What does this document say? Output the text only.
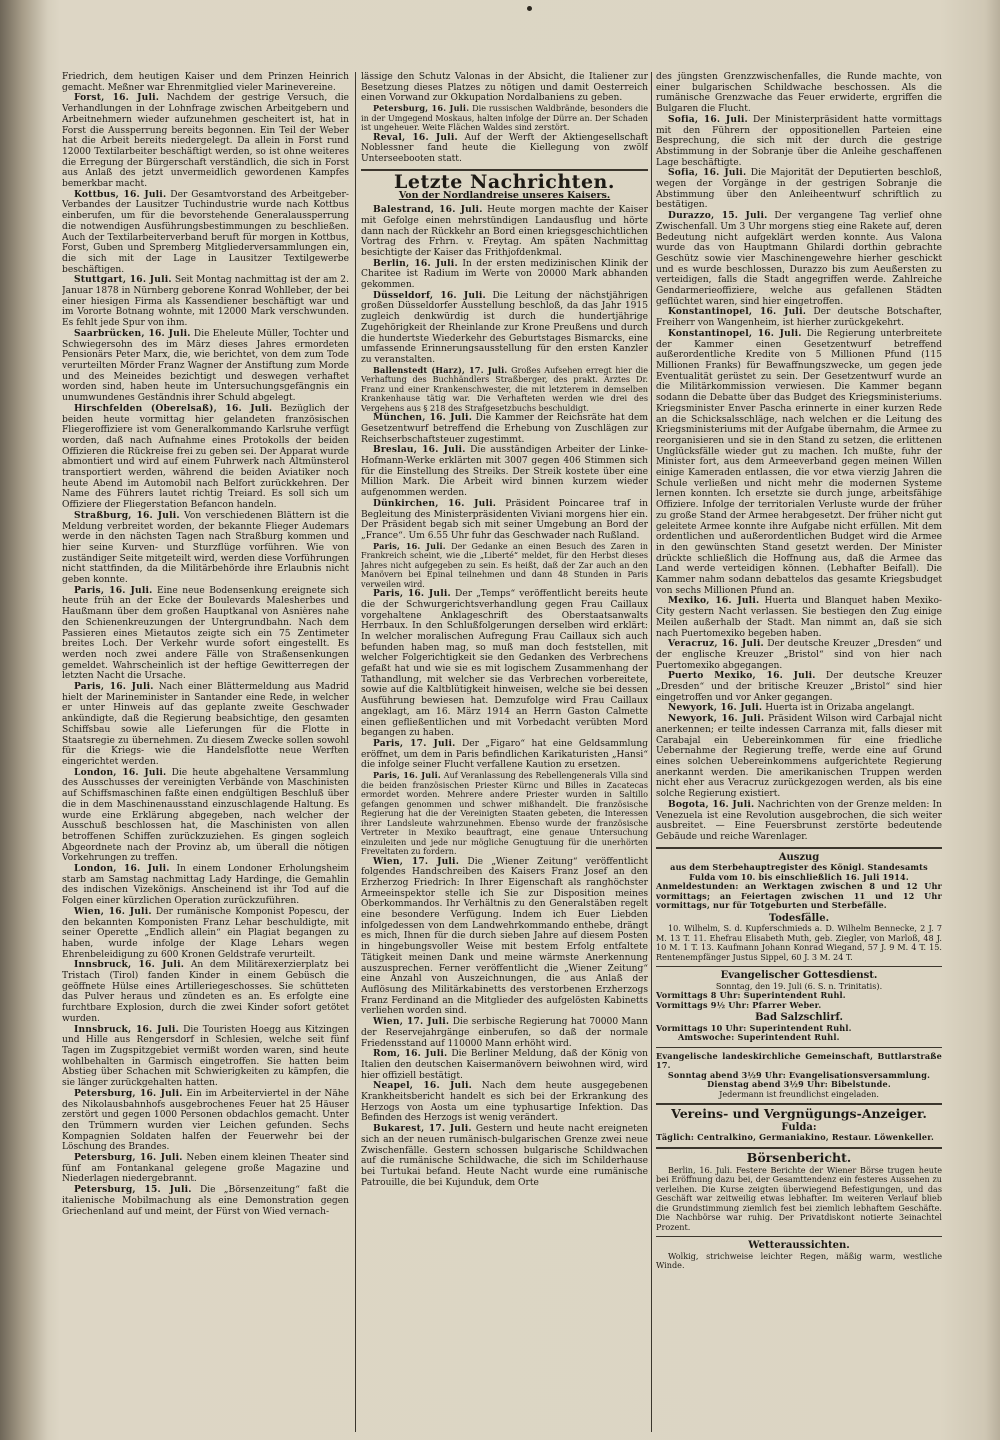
Friedrich, dem heutigen Kaiser und dem Prinzen Heinrich gemacht. Meßner war Ehrenmitglied vieler Marinevereine.

Forst, 16. Juli. Nachdem der gestrige Versuch, die Verhandlungen in der Lohnfrage zwischen Arbeitgebern und Arbeitnehmern wieder aufzunehmen gescheitert ist, hat in Forst die Aussperrung bereits begonnen. Ein Teil der Weber hat die Arbeit bereits niedergelegt. Da allein in Forst rund 12000 Textilarbeiter beschäftigt werden, so ist ohne weiteres die Erregung der Bürgerschaft verständlich, die sich in Forst aus Anlaß des jetzt unvermeidlich gewordenen Kampfes bemerkbar macht.

Kottbus, 16. Juli. Der Gesamtvorstand des Arbeitgeber-Verbandes der Lausitzer Tuchindustrie wurde nach Kottbus einberufen, um für die bevorstehende Generalaussperrung die notwendigen Ausführungsbestimmungen zu beschließen. Auch der Textilarbeiterverband beruft für morgen in Kottbus, Forst, Guben und Spremberg Mitgliederversammlungen ein, die sich mit der Lage in Lausitzer Textilgewerbe beschäftigen.

Stuttgart, 16. Juli. Seit Montag nachmittag ist der am 2. Januar 1878 in Nürnberg geborene Konrad Wohlleber, der bei einer hiesigen Firma als Kassendiener beschäftigt war und im Vororte Botnang wohnte, mit 12000 Mark verschwunden. Es fehlt jede Spur von ihm.

Saarbrücken, 16. Juli. Die Eheleute Müller, Tochter und Schwiegersohn des im März dieses Jahres ermordeten Pensionärs Peter Marx, die, wie berichtet, von dem zum Tode verurteilten Mörder Franz Wagner der Anstiftung zum Morde und des Meineides bezichtigt und deswegen verhaftet worden sind, haben heute im Untersuchungsgefängnis ein unumwundenes Geständnis ihrer Schuld abgelegt.

Hirschfelden (Oberelsaß), 16. Juli. Bezüglich der beiden heute vormittag hier gelandeten französischen Fliegeroffiziere ist vom Generalkommando Karlsruhe verfügt worden, daß nach Aufnahme eines Protokolls der beiden Offizieren die Rückreise frei zu geben sei. Der Apparat wurde abmontiert und wird auf einem Fuhrwerk nach Altmünsterol transportiert werden, während die beiden Aviatiker noch heute Abend im Automobil nach Belfort zurückkehren. Der Name des Führers lautet richtig Treiard. Es soll sich um Offiziere der Fliegerstation Befancon handeln.

Straßburg, 16. Juli. Von verschiedenen Blättern ist die Meldung verbreitet worden, der bekannte Flieger Audemars werde in den nächsten Tagen nach Straßburg kommen und hier seine Kurven- und Sturzflüge vorführen. Wie von zuständiger Seite mitgeteilt wird, werden diese Vorführungen nicht stattfinden, da die Militärbehörde ihre Erlaubnis nicht geben konnte.

Paris, 16. Juli. Eine neue Bodensenkung ereignete sich heute früh an der Ecke der Boulevards Malesherbes und Haußmann über dem großen Hauptkanal von Asnières nahe den Schienenkreuzungen der Untergrundbahn. Nach dem Passieren eines Mietautos zeigte sich ein 75 Zentimeter breites Loch. Der Verkehr wurde sofort eingestellt. Es werden noch zwei andere Fälle von Straßensenkungen gemeldet. Wahrscheinlich ist der heftige Gewitterregen der letzten Nacht die Ursache.

Paris, 16. Juli. Nach einer Blättermeldung aus Madrid hielt der Marineminister in Santander eine Rede, in welcher er unter Hinweis auf das geplante zweite Geschwader ankündigte, daß die Regierung beabsichtige, den gesamten Schiffsbau sowie alle Lieferungen für die Flotte in Staatsregie zu übernehmen. Zu diesem Zwecke sollen sowohl für die Kriegs- wie die Handelsflotte neue Werften eingerichtet werden.

London, 16. Juli. Die heute abgehaltene Versammlung des Ausschusses der vereinigten Verbände von Maschinisten auf Schiffsmaschinen faßte einen endgültigen Beschluß über die in dem Maschinenausstand einzuschlagende Haltung. Es wurde eine Erklärung abgegeben, nach welcher der Ausschuß beschlossen hat, die Maschinisten von allen betroffenen Schiffen zurückzuziehen. Es gingen sogleich Abgeordnete nach der Provinz ab, um überall die nötigen Vorkehrungen zu treffen.

London, 16. Juli. In einem Londoner Erholungsheim starb am Samstag nachmittag Lady Hardinge, die Gemahlin des indischen Vizekönigs. Anscheinend ist ihr Tod auf die Folgen einer kürzlichen Operation zurückzuführen.

Wien, 16. Juli. Der rumänische Komponist Popescu, der den bekannten Komponisten Franz Lehar beschuldigte, mit seiner Operette „Endlich allein“ ein Plagiat begangen zu haben, wurde infolge der Klage Lehars wegen Ehrenbeleidigung zu 600 Kronen Geldstrafe verurteilt.

Innsbruck, 16. Juli. An dem Militärexerzierplatz bei Tristach (Tirol) fanden Kinder in einem Gebüsch die geöffnete Hülse eines Artilleriegeschosses. Sie schütteten das Pulver heraus und zündeten es an. Es erfolgte eine furchtbare Explosion, durch die zwei Kinder sofort getötet wurden.

Innsbruck, 16. Juli. Die Touristen Hoegg aus Kitzingen und Hille aus Rengersdorf in Schlesien, welche seit fünf Tagen im Zugspitzgebiet vermißt worden waren, sind heute wohlbehalten in Garmisch eingetroffen. Sie hatten beim Abstieg über Schachen mit Schwierigkeiten zu kämpfen, die sie länger zurückgehalten hatten.

Petersburg, 16. Juli. Ein im Arbeiterviertel in der Nähe des Nikolausbahnhofs ausgebrochenes Feuer hat 25 Häuser zerstört und gegen 1000 Personen obdachlos gemacht. Unter den Trümmern wurden vier Leichen gefunden. Sechs Kompagnien Soldaten halfen der Feuerwehr bei der Löschung des Brandes.

Petersburg, 16. Juli. Neben einem kleinen Theater sind fünf am Fontankanal gelegene große Magazine und Niederlagen niedergebrannt.

Petersburg, 15. Juli. Die „Börsenzeitung“ faßt die italienische Mobilmachung als eine Demonstration gegen Griechenland auf und meint, der Fürst von Wied vernach-

lässige den Schutz Valonas in der Absicht, die Italiener zur Besetzung dieses Platzes zu nötigen und damit Oesterreich einen Vorwand zur Okkupation Nordalbaniens zu geben.

Petersburg, 16. Juli. Die russischen Waldbrände, besonders die in der Umgegend Moskaus, halten infolge der Dürre an. Der Schaden ist ungeheuer. Weite Flächen Waldes sind zerstört.

Reval, 16. Juli. Auf der Werft der Aktiengesellschaft Noblessner fand heute die Kiellegung von zwölf Unterseebooten statt.

Letzte Nachrichten.
Von der Nordlandreise unseres Kaisers.

Balestrand, 16. Juli. Heute morgen machte der Kaiser mit Gefolge einen mehrstündigen Landausflug und hörte dann nach der Rückkehr an Bord einen kriegsgeschichtlichen Vortrag des Frhrn. v. Freytag. Am späten Nachmittag besichtigte der Kaiser das Frithjofdenkmal.

Berlin, 16. Juli. In der ersten medizinischen Klinik der Charitee ist Radium im Werte von 20000 Mark abhanden gekommen.

Düsseldorf, 16. Juli. Die Leitung der nächstjährigen großen Düsseldorfer Ausstellung beschloß, da das Jahr 1915 zugleich denkwürdig ist durch die hundertjährige Zugehörigkeit der Rheinlande zur Krone Preußens und durch die hundertste Wiederkehr des Geburtstages Bismarcks, eine umfassende Erinnerungsausstellung für den ersten Kanzler zu veranstalten.

Ballenstedt (Harz), 17. Juli. Großes Aufsehen erregt hier die Verhaftung des Buchhändlers Straßberger, des prakt. Arztes Dr. Franz und einer Krankenschwester, die mit letzterem in demselben Krankenhause tätig war. Die Verhafteten werden wie drei des Vergehens aus § 218 des Strafgesetzbuchs beschuldigt.

München, 16. Juli. Die Kammer der Reichsräte hat dem Gesetzentwurf betreffend die Erhebung von Zuschlägen zur Reichserbschaftsteuer zugestimmt.

Breslau, 16. Juli. Die ausständigen Arbeiter der Linke-Hofmann-Werke erklärten mit 3007 gegen 406 Stimmen sich für die Einstellung des Streiks. Der Streik kostete über eine Million Mark. Die Arbeit wird binnen kurzem wieder aufgenommen werden.

Dünkirchen, 16. Juli. Präsident Poincaree traf in Begleitung des Ministerpräsidenten Viviani morgens hier ein. Der Präsident begab sich mit seiner Umgebung an Bord der „France“. Um 6.55 Uhr fuhr das Geschwader nach Rußland.

Paris, 16. Juli. Der Gedanke an einen Besuch des Zaren in Frankreich scheint, wie die „Liberté“ meldet, für den Herbst dieses Jahres nicht aufgegeben zu sein. Es heißt, daß der Zar auch an den Manövern bei Epinal teilnehmen und dann 48 Stunden in Paris verweilen wird.

Paris, 16. Juli. Der „Temps“ veröffentlicht bereits heute die der Schwurgerichtsverhandlung gegen Frau Caillaux vorgehaltene Anklageschrift des Oberstaatsanwalts Herrbaux. In den Schlußfolgerungen derselben wird erklärt: In welcher moralischen Aufregung Frau Caillaux sich auch befunden haben mag, so muß man doch feststellen, mit welcher Folgerichtigkeit sie den Gedanken des Verbrechens gefaßt hat und wie sie es mit logischem Zusammenhang der Tathandlung, mit welcher sie das Verbrechen vorbereitete, sowie auf die Kaltblütigkeit hinweisen, welche sie bei dessen Ausführung bewiesen hat. Demzufolge wird Frau Caillaux angeklagt, am 16. März 1914 an Herrn Gaston Calmette einen gefließentlichen und mit Vorbedacht verübten Mord begangen zu haben.

Paris, 17. Juli. Der „Figaro“ hat eine Geldsammlung eröffnet, um dem in Paris befindlichen Karikaturisten „Hansi“ die infolge seiner Flucht verfallene Kaution zu ersetzen.

Paris, 16. Juli. Auf Veranlassung des Rebellengenerals Villa sind die beiden französischen Priester Kürnc und Billes in Zacatecas ermordet worden. Mehrere andere Priester wurden in Saltillo gefangen genommen und schwer mißhandelt. Die französische Regierung hat die der Vereinigten Staaten gebeten, die Interessen ihrer Landsleute wahrzunehmen. Ebenso wurde der französische Vertreter in Mexiko beauftragt, eine genaue Untersuchung einzuleiten und jede nur mögliche Genugtuung für die unerhörten Freveltaten zu fordern.

Wien, 17. Juli. Die „Wiener Zeitung“ veröffentlicht folgendes Handschreiben des Kaisers Franz Josef an den Erzherzog Friedrich: In Ihrer Eigenschaft als ranghöchster Armeeinspektor stelle ich Sie zur Disposition meines Oberkommandos. Ihr Verhältnis zu den Generalstäben regelt eine besondere Verfügung. Indem ich Euer Liebden infolgedessen von dem Landwehrkommando enthebe, drängt es mich, Ihnen für die durch sieben Jahre auf diesem Posten in hingebungsvoller Weise mit bestem Erfolg entfaltete Tätigkeit meinen Dank und meine wärmste Anerkennung auszusprechen. Ferner veröffentlicht die „Wiener Zeitung“ eine Anzahl von Auszeichnungen, die aus Anlaß der Auflösung des Militärkabinetts des verstorbenen Erzherzogs Franz Ferdinand an die Mitglieder des aufgelösten Kabinetts verliehen worden sind.

Wien, 17. Juli. Die serbische Regierung hat 70000 Mann der Reservejahrgänge einberufen, so daß der normale Friedensstand auf 110000 Mann erhöht wird.

Rom, 16. Juli. Die Berliner Meldung, daß der König von Italien den deutschen Kaisermanövern beiwohnen wird, wird hier offiziell bestätigt.

Neapel, 16. Juli. Nach dem heute ausgegebenen Krankheitsbericht handelt es sich bei der Erkrankung des Herzogs von Aosta um eine typhusartige Infektion. Das Befinden des Herzogs ist wenig verändert.

Bukarest, 17. Juli. Gestern und heute nacht ereigneten sich an der neuen rumänisch-bulgarischen Grenze zwei neue Zwischenfälle. Gestern schossen bulgarische Schildwachen auf die rumänische Schildwache, die sich im Schilderhause bei Turtukai befand. Heute Nacht wurde eine rumänische Patrouille, die bei Kujunduk, dem Orte

des jüngsten Grenzzwischenfalles, die Runde machte, von einer bulgarischen Schildwache beschossen. Als die rumänische Grenzwache das Feuer erwiderte, ergriffen die Bulgaren die Flucht.

Sofia, 16. Juli. Der Ministerpräsident hatte vormittags mit den Führern der oppositionellen Parteien eine Besprechung, die sich mit der durch die gestrige Abstimmung in der Sobranje über die Anleihe geschaffenen Lage beschäftigte.

Sofia, 16. Juli. Die Majorität der Deputierten beschloß, wegen der Vorgänge in der gestrigen Sobranje die Abstimmung über den Anleiheentwurf schriftlich zu bestätigen.

Durazzo, 15. Juli. Der vergangene Tag verlief ohne Zwischenfall. Um 3 Uhr morgens stieg eine Rakete auf, deren Bedeutung nicht aufgeklärt werden konnte. Aus Valona wurde das von Hauptmann Ghilardi dorthin gebrachte Geschütz sowie vier Maschinengewehre hierher geschickt und es wurde beschlossen, Durazzo bis zum Aeußersten zu verteidigen, falls die Stadt angegriffen werde. Zahlreiche Gendarmerieoffiziere, welche aus gefallenen Städten geflüchtet waren, sind hier eingetroffen.

Konstantinopel, 16. Juli. Der deutsche Botschafter, Freiherr von Wangenheim, ist hierher zurückgekehrt.

Konstantinopel, 16. Juli. Die Regierung unterbreitete der Kammer einen Gesetzentwurf betreffend außerordentliche Kredite von 5 Millionen Pfund (115 Millionen Franks) für Bewaffnungszwecke, um gegen jede Eventualität gerüstet zu sein. Der Gesetzentwurf wurde an die Militärkommission verwiesen. Die Kammer begann sodann die Debatte über das Budget des Kriegsministeriums. Kriegsminister Enver Pascha erinnerte in einer kurzen Rede an die Schicksalsschläge, nach welchen er die Leitung des Kriegsministeriums mit der Aufgabe übernahm, die Armee zu reorganisieren und sie in den Stand zu setzen, die erlittenen Unglücksfälle wieder gut zu machen. Ich mußte, fuhr der Minister fort, aus dem Armeeverband gegen meinen Willen einige Kameraden entlassen, die vor etwa vierzig Jahren die Schule verließen und nicht mehr die modernen Systeme lernen konnten. Ich ersetzte sie durch junge, arbeitsfähige Offiziere. Infolge der territorialen Verluste wurde der früher zu große Stand der Armee herabgesetzt. Der früher nicht gut geleitete Armee konnte ihre Aufgabe nicht erfüllen. Mit dem ordentlichen und außerordentlichen Budget wird die Armee in den gewünschten Stand gesetzt werden. Der Minister drückte schließlich die Hoffnung aus, daß die Armee das Land werde verteidigen können. (Lebhafter Beifall). Die Kammer nahm sodann debattelos das gesamte Kriegsbudget von sechs Millionen Pfund an.

Mexiko, 16. Juli. Huerta und Blanquet haben Mexiko-City gestern Nacht verlassen. Sie bestiegen den Zug einige Meilen außerhalb der Stadt. Man nimmt an, daß sie sich nach Puertomexiko begeben haben.

Veracruz, 16. Juli. Der deutsche Kreuzer „Dresden“ und der englische Kreuzer „Bristol“ sind von hier nach Puertomexiko abgegangen.

Puerto Mexiko, 16. Juli. Der deutsche Kreuzer „Dresden“ und der britische Kreuzer „Bristol“ sind hier eingetroffen und vor Anker gegangen.

Newyork, 16. Juli. Huerta ist in Orizaba angelangt.

Newyork, 16. Juli. Präsident Wilson wird Carbajal nicht anerkennen; er teilte indessen Carranza mit, falls dieser mit Carabajal ein Uebereinkommen für eine friedliche Uebernahme der Regierung treffe, werde eine auf Grund eines solchen Uebereinkommens aufgerichtete Regierung anerkannt werden. Die amerikanischen Truppen werden nicht eher aus Veracruz zurückgezogen werden, als bis eine solche Regierung existiert.

Bogota, 16. Juli. Nachrichten von der Grenze melden: In Venezuela ist eine Revolution ausgebrochen, die sich weiter ausbreitet. — Eine Feuersbrunst zerstörte bedeutende Gebäude und reiche Warenlager.

Auszug

aus dem Sterbehauptregister des Königl. Standesamts Fulda vom 10. bis einschließlich 16. Juli 1914.

Anmeldestunden: an Werktagen zwischen 8 und 12 Uhr vormittags; an Feiertagen zwischen 11 und 12 Uhr vormittags, nur für Totgeburten und Sterbefälle.

Todesfälle.

10. Wilhelm, S. d. Kupferschmieds a. D. Wilhelm Bennecke, 2 J. 7 M. 13 T. 11. Ehefrau Elisabeth Muth, geb. Ziegler, von Marloß, 48 J. 10 M. 1 T. 13. Kaufmann Johann Konrad Wiegand, 57 J. 9 M. 4 T. 15. Rentenempfänger Justus Sippel, 60 J. 3 M. 24 T.

Evangelischer Gottesdienst.

Sonntag, den 19. Juli (6. S. n. Trinitatis).

Vormittags 8 Uhr: Superintendent Ruhl.

Vormittags 9½ Uhr: Pfarrer Weber.

Bad Salzschlirf.

Vormittags 10 Uhr: Superintendent Ruhl.

Amtswoche: Superintendent Ruhl.

Evangelische landeskirchliche Gemeinschaft, Buttlarstraße 17.

Sonntag abend 3½9 Uhr: Evangelisationsversammlung.

Dienstag abend 3½9 Uhr: Bibelstunde.

Jedermann ist freundlichst eingeladen.

Vereins- und Vergnügungs-Anzeiger.
Fulda:

Täglich: Centralkino, Germaniakino, Restaur. Löwenkeller.

Börsenbericht.

Berlin, 16. Juli. Festere Berichte der Wiener Börse trugen heute bei Eröffnung dazu bei, der Gesamttendenz ein festeres Aussehen zu verleihen. Die Kurse zeigten überwiegend Befestigungen, und das Geschäft war zeitweilig etwas lebhafter. Im weiteren Verlauf blieb die Grundstimmung ziemlich fest bei ziemlich lebhaftem Geschäfte. Die Nachbörse war ruhig. Der Privatdiskont notierte 3einachtel Prozent.

Wetteraussichten.

Wolkig, strichweise leichter Regen, mäßig warm, westliche Winde.
